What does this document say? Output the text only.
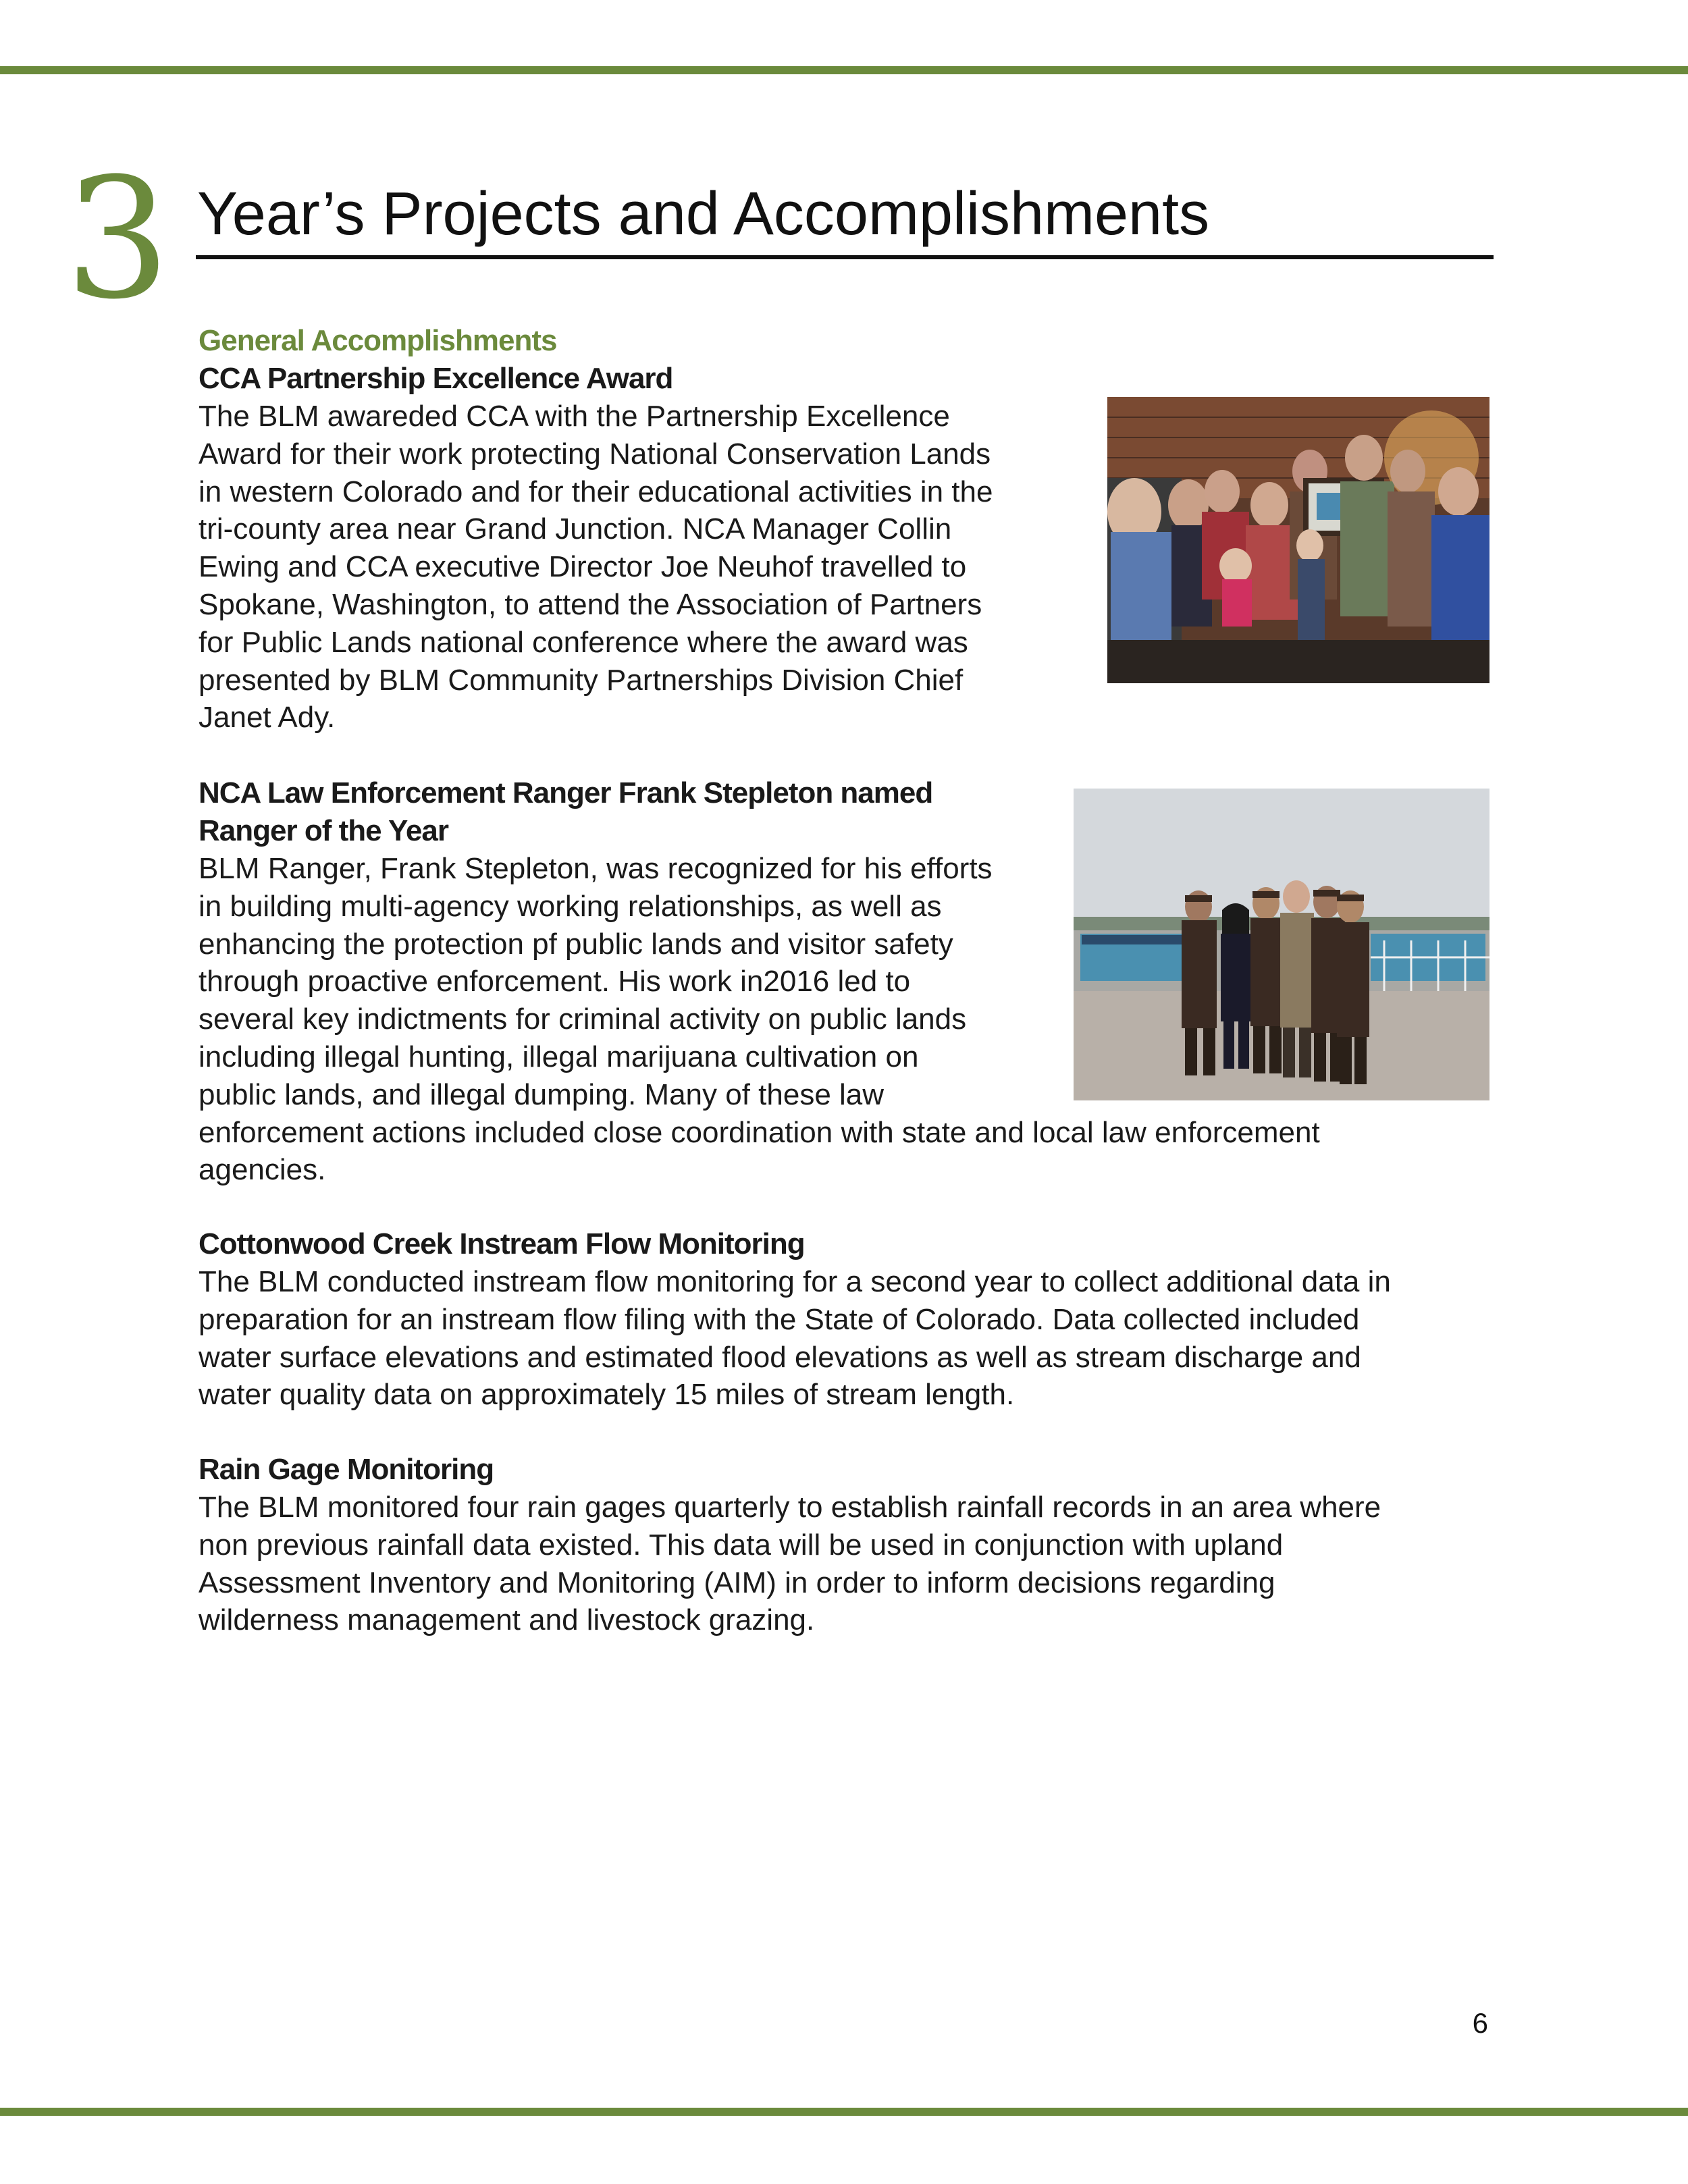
3 Year’s Projects and Accomplishments
General Accomplishments
CCA Partnership Excellence Award
The BLM awareded CCA with the Partnership Excellence
Award for their work protecting National Conservation Lands
in western Colorado and for their educational activities in the
tri-county area near Grand Junction. NCA Manager Collin
Ewing and CCA executive Director Joe Neuhof travelled to
Spokane, Washington, to attend the Association of Partners
for Public Lands national conference where the award was
presented by BLM Community Partnerships Division Chief
Janet Ady.
NCA Law Enforcement Ranger Frank Stepleton named
Ranger of the Year
BLM Ranger, Frank Stepleton, was recognized for his efforts
in building multi-agency working relationships, as well as
enhancing the protection pf public lands and visitor safety
through proactive enforcement. His work in2016 led to
several key indictments for criminal activity on public lands
including illegal hunting, illegal marijuana cultivation on
public lands, and illegal dumping. Many of these law
enforcement actions included close coordination with state and local law enforcement
agencies.
Cottonwood Creek Instream Flow Monitoring
The BLM conducted instream flow monitoring for a second year to collect additional data in
preparation for an instream flow filing with the State of Colorado. Data collected included
water surface elevations and estimated flood elevations as well as stream discharge and
water quality data on approximately 15 miles of stream length.
Rain Gage Monitoring
The BLM monitored four rain gages quarterly to establish rainfall records in an area where
non previous rainfall data existed. This data will be used in conjunction with upland
Assessment Inventory and Monitoring (AIM) in order to inform decisions regarding
wilderness management and livestock grazing.
6
